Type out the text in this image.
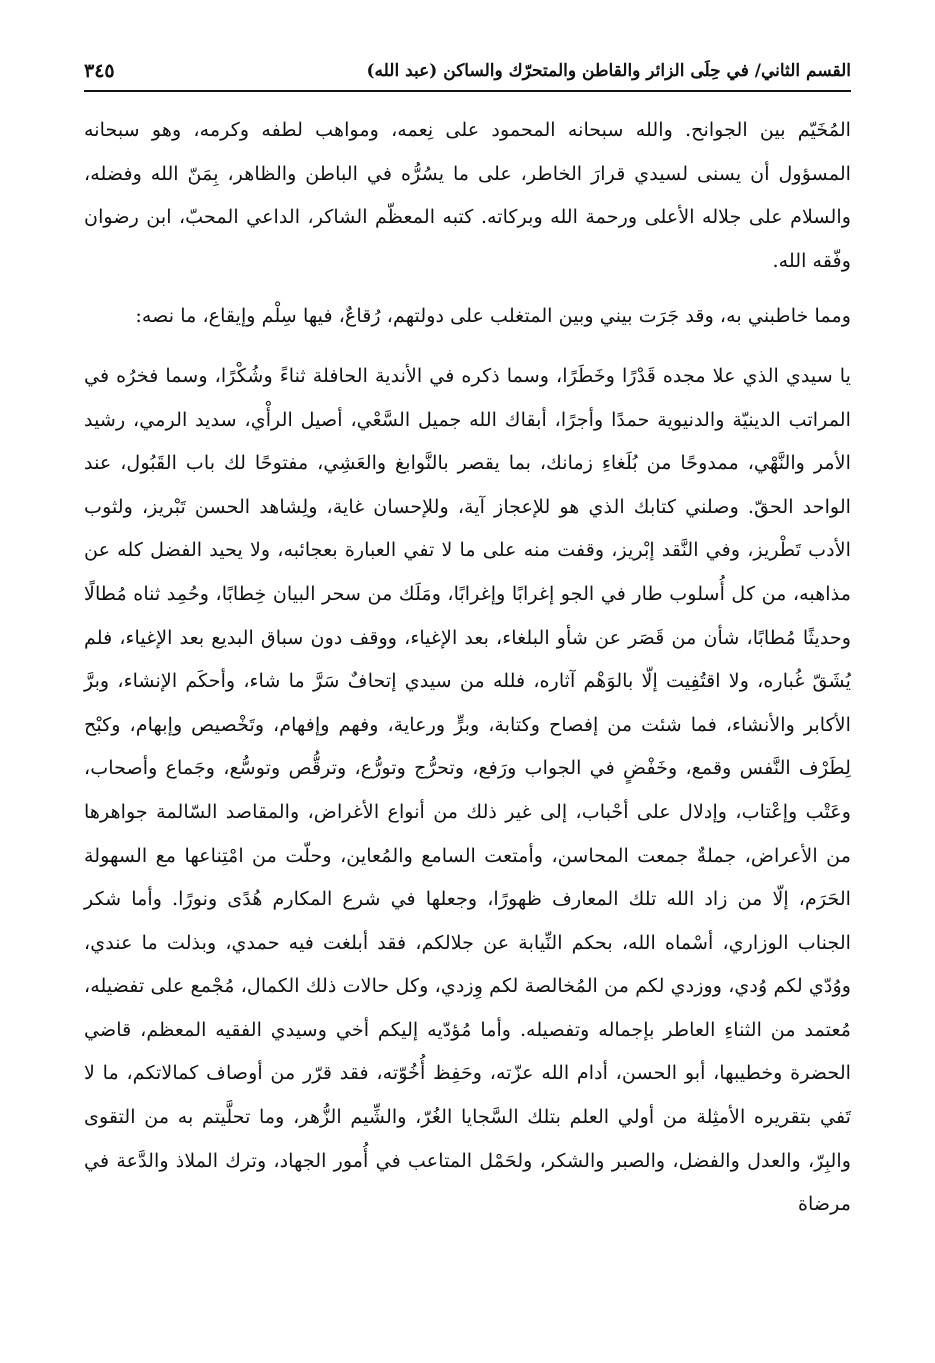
القسم الثاني/ في حِلَى الزائر والقاطن والمتحرّك والساكن (عبد الله)
٣٤٥

المُخَيّم بين الجوانح. والله سبحانه المحمود على نِعمه، ومواهب لطفه وكرمه، وهو سبحانه المسؤول أن يسنى لسيدي قرارَ الخاطر، على ما يسُرُّه في الباطن والظاهر، بِمَنّ الله وفضله، والسلام على جلاله الأعلى ورحمة الله وبركاته. كتبه المعظّم الشاكر، الداعي المحبّ، ابن رضوان وفّقه الله.

ومما خاطبني به، وقد جَرَت بيني وبين المتغلب على دولتهم، رُقاعٌ، فيها سِلْم وإيقاع، ما نصه:

يا سيدي الذي علا مجده قَدْرًا وخَطَرًا، وسما ذكره في الأندية الحافلة ثناءً وشُكْرًا، وسما فخرُه في المراتب الدينيّة والدنيوية حمدًا وأجرًا، أبقاك الله جميل السَّعْي، أصيل الرأْي، سديد الرمي، رشيد الأمر والنَّهْي، ممدوحًا من بُلَغاءِ زمانك، بما يقصر بالنَّوابغ والعَشِي، مفتوحًا لك باب القَبُول، عند الواحد الحقّ. وصلني كتابك الذي هو للإعجاز آية، وللإحسان غاية، ولِشاهد الحسن تَبْريز، ولثوب الأدب تَطْريز، وفي النَّقد إبْريز، وقفت منه على ما لا تفي العبارة بعجائبه، ولا يحيد الفضل كله عن مذاهبه، من كل أُسلوب طار في الجو إغرابًا وإغرابًا، ومَلَك من سحر البيان خِطابًا، وحُمِد ثناه مُطالًا وحديثًا مُطابًا، شأن من قَصَر عن شأو البلغاء، بعد الإغياء، ووقف دون سباق البديع بعد الإغياء، فلم يُشَقّ غُباره، ولا اقتُفِيت إلّا بالوَهْم آثاره، فلله من سيدي إتحافٌ سَرَّ ما شاء، وأحكَم الإنشاء، وبرَّ الأكابر والأنشاء، فما شئت من إفصاح وكتابة، وبرٍّ ورعاية، وفهم وإفهام، وتَخْصيص وإبهام، وكبْح لِطَرْف النَّفس وقمع، وخَفْضٍ في الجواب ورَفع، وتحرُّج وتورُّع، وترقُّص وتوسُّع، وجَماع وأصحاب، وعَتْب وإعْتاب، وإدلال على أحْباب، إلى غير ذلك من أنواع الأغراض، والمقاصد السّالمة جواهرها من الأعراض، جملةٌ جمعت المحاسن، وأمتعت السامع والمُعاين، وحلّت من امْتِناعها مع السهولة الحَرَم، إلّا من زاد الله تلك المعارف ظهورًا، وجعلها في شرع المكارم هُدًى ونورًا. وأما شكر الجناب الوزاري، أسْماه الله، بحكم النِّيابة عن جلالكم، فقد أبلغت فيه حمدي، وبذلت ما عندي، ووُدّي لكم وُدي، ووزدي لكم من المُخالصة لكم وِزدي، وكل حالات ذلك الكمال، مُجْمع على تفضيله، مُعتمد من الثناءِ العاطر بإجماله وتفصيله. وأما مُؤدّيه إليكم أخي وسيدي الفقيه المعظم، قاضي الحضرة وخطيبها، أبو الحسن، أدام الله عزّته، وحَفِظ أُخُوّته، فقد قرّر من أوصاف كمالاتكم، ما لا تَفي بتقريره الأمثِلة من أولي العلم بتلك السَّجايا الغُرّ، والشِّيم الزُّهر، وما تحلَّيتم به من التقوى والبِرّ، والعدل والفضل، والصبر والشكر، ولحَمْل المتاعب في أُمور الجهاد، وترك الملاذ والدَّعة في مرضاة
